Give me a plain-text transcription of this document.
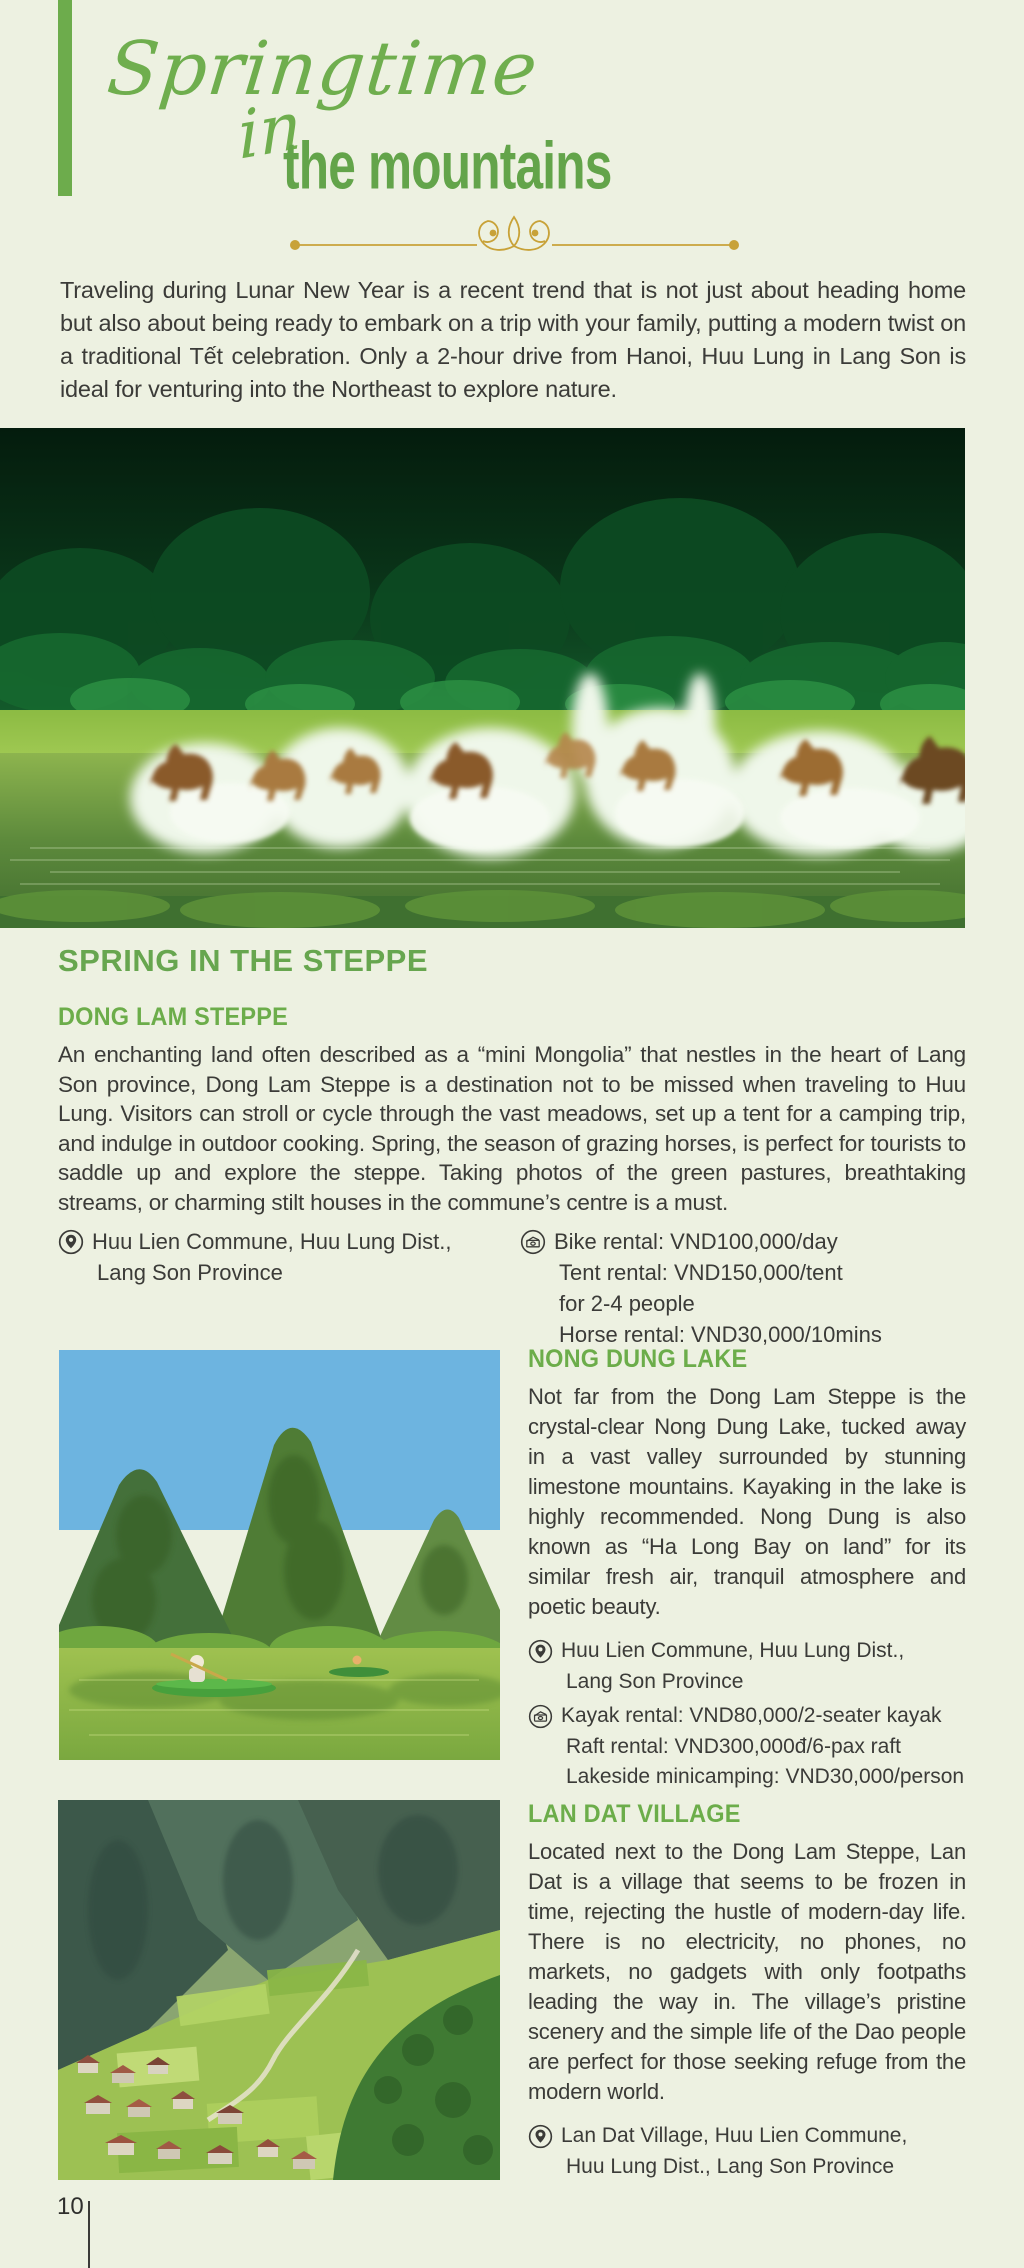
Springtime
in
the mountains

Traveling during Lunar New Year is a recent trend that is not just about heading home but also about being ready to embark on a trip with your family, putting a modern twist on a traditional Tết celebration. Only a 2-hour drive from Hanoi, Huu Lung in Lang Son is ideal for venturing into the Northeast to explore nature.

SPRING IN THE STEPPE
DONG LAM STEPPE

An enchanting land often described as a “mini Mongolia” that nestles in the heart of Lang Son province, Dong Lam Steppe is a destination not to be missed when traveling to Huu Lung. Visitors can stroll or cycle through the vast meadows, set up a tent for a camping trip, and indulge in outdoor cooking. Spring, the season of grazing horses, is perfect for tourists to saddle up and explore the steppe. Taking photos of the green pastures, breathtaking streams, or charming stilt houses in the commune’s centre is a must.

Huu Lien Commune, Huu Lung Dist.,
Lang Son Province
Bike rental: VND100,000/day
Tent rental: VND150,000/tent
for 2-4 people
Horse rental: VND30,000/10mins
NONG DUNG LAKE

Not far from the Dong Lam Steppe is the crystal-clear Nong Dung Lake, tucked away in a vast valley surrounded by stunning limestone mountains. Kayaking in the lake is highly recommended. Nong Dung is also known as “Ha Long Bay on land” for its similar fresh air, tranquil atmosphere and poetic beauty.

Huu Lien Commune, Huu Lung Dist.,
Lang Son Province
Kayak rental: VND80,000/2-seater kayak
Raft rental: VND300,000đ/6-pax raft
Lakeside minicamping: VND30,000/person
LAN DAT VILLAGE

Located next to the Dong Lam Steppe, Lan Dat is a village that seems to be frozen in time, rejecting the hustle of modern-day life. There is no electricity, no phones, no markets, no gadgets with only footpaths leading the way in. The village’s pristine scenery and the simple life of the Dao people are perfect for those seeking refuge from the modern world.

Lan Dat Village, Huu Lien Commune,
Huu Lung Dist., Lang Son Province
10
